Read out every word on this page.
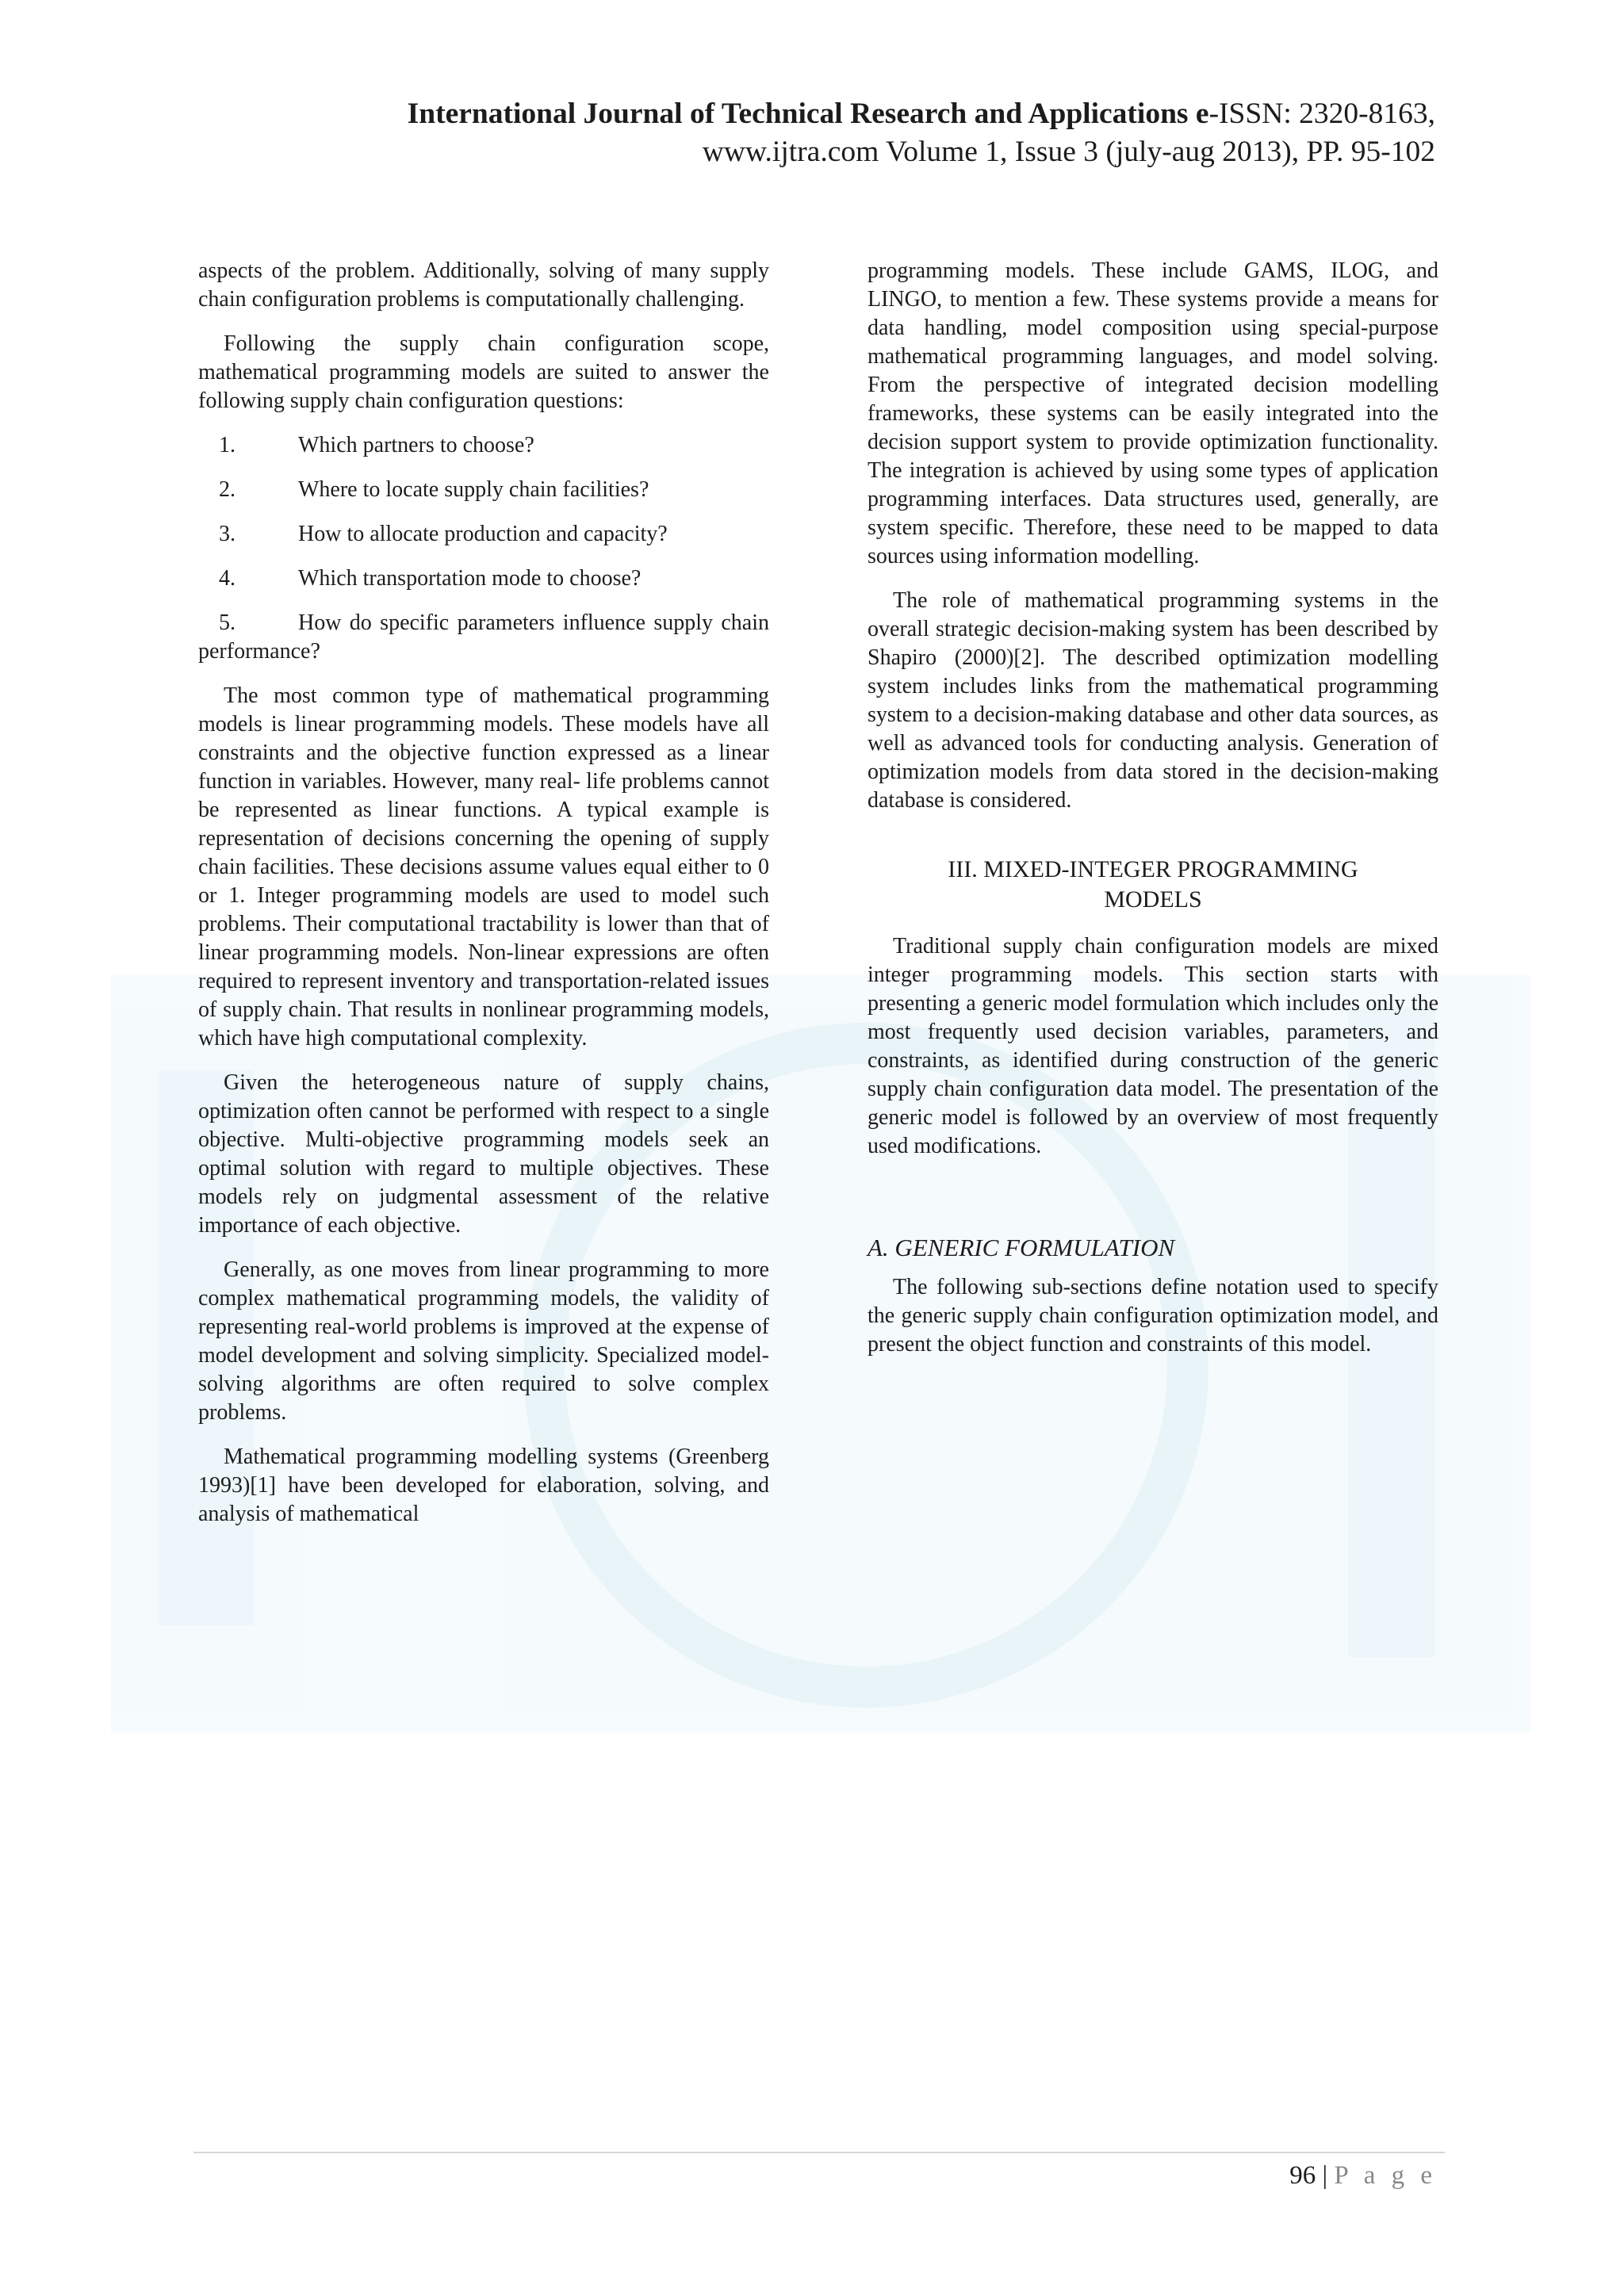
International Journal of Technical Research and Applications e-ISSN: 2320-8163,
www.ijtra.com Volume 1, Issue 3 (july-aug 2013), PP. 95-102

aspects of the problem. Additionally, solving of many supply chain configuration problems is computationally challenging.

Following the supply chain configuration scope, mathematical programming models are suited to answer the following supply chain configuration questions:

1.	Which partners to choose?
2.	Where to locate supply chain facilities?
3.	How to allocate production and capacity?
4.	Which transportation mode to choose?
5.	How do specific parameters influence supply chain performance?

The most common type of mathematical programming models is linear programming models. These models have all constraints and the objective function expressed as a linear function in variables. However, many real- life problems cannot be represented as linear functions. A typical example is representation of decisions concerning the opening of supply chain facilities. These decisions assume values equal either to 0 or 1. Integer programming models are used to model such problems. Their computational tractability is lower than that of linear programming models. Non-linear expressions are often required to represent inventory and transportation-related issues of supply chain. That results in nonlinear programming models, which have high computational complexity.

Given the heterogeneous nature of supply chains, optimization often cannot be performed with respect to a single objective. Multi-objective programming models seek an optimal solution with regard to multiple objectives. These models rely on judgmental assessment of the relative importance of each objective.

Generally, as one moves from linear programming to more complex mathematical programming models, the validity of representing real-world problems is improved at the expense of model development and solving simplicity. Specialized model-solving algorithms are often required to solve complex problems.

Mathematical programming modelling systems (Greenberg 1993)[1] have been developed for elaboration, solving, and analysis of mathematical

programming models. These include GAMS, ILOG, and LINGO, to mention a few. These systems provide a means for data handling, model composition using special-purpose mathematical programming languages, and model solving. From the perspective of integrated decision modelling frameworks, these systems can be easily integrated into the decision support system to provide optimization functionality. The integration is achieved by using some types of application programming interfaces. Data structures used, generally, are system specific. Therefore, these need to be mapped to data sources using information modelling.

The role of mathematical programming systems in the overall strategic decision-making system has been described by Shapiro (2000)[2]. The described optimization modelling system includes links from the mathematical programming system to a decision-making database and other data sources, as well as advanced tools for conducting analysis. Generation of optimization models from data stored in the decision-making database is considered.

III. MIXED-INTEGER PROGRAMMING
MODELS

Traditional supply chain configuration models are mixed integer programming models. This section starts with presenting a generic model formulation which includes only the most frequently used decision variables, parameters, and constraints, as identified during construction of the generic supply chain configuration data model. The presentation of the generic model is followed by an overview of most frequently used modifications.

A. GENERIC FORMULATION

The following sub-sections define notation used to specify the generic supply chain configuration optimization model, and present the object function and constraints of this model.

96 | P a g e
